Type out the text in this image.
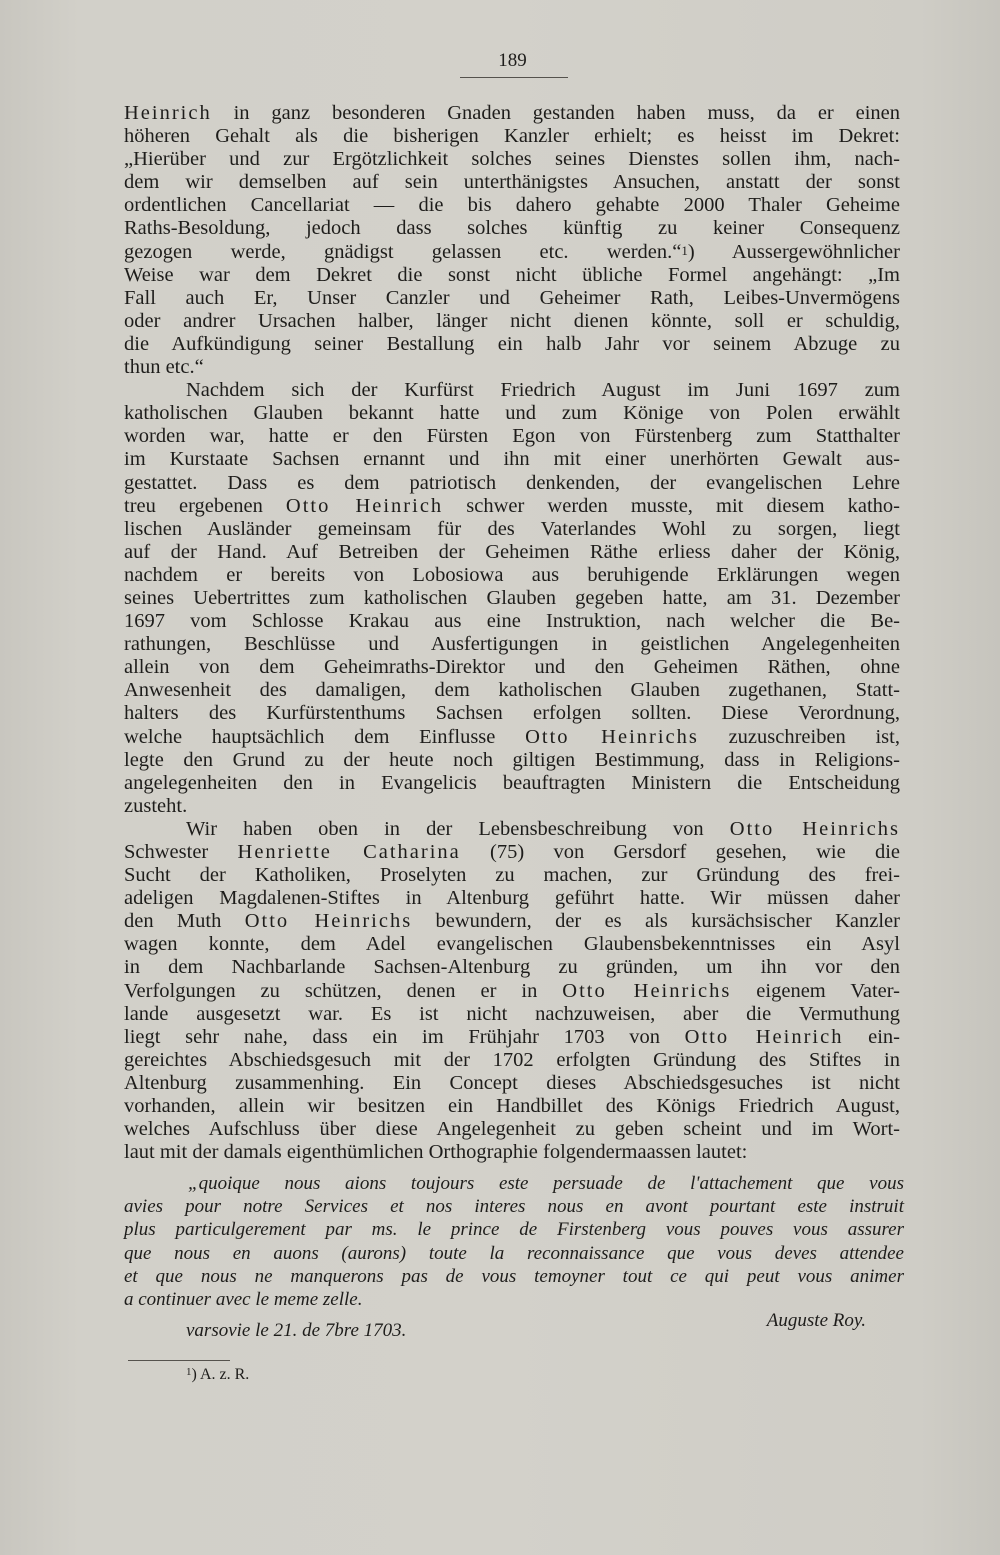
189
Heinrich in ganz besonderen Gnaden gestanden haben muss, da er einen
höheren Gehalt als die bisherigen Kanzler erhielt; es heisst im Dekret:
„Hierüber und zur Ergötzlichkeit solches seines Dienstes sollen ihm, nach-
dem wir demselben auf sein unterthänigstes Ansuchen, anstatt der sonst
ordentlichen Cancellariat — die bis dahero gehabte 2000 Thaler Geheime
Raths-Besoldung, jedoch dass solches künftig zu keiner Consequenz
gezogen werde, gnädigst gelassen etc. werden.“$^1$) Aussergewöhnlicher
Weise war dem Dekret die sonst nicht übliche Formel angehängt: „Im
Fall auch Er, Unser Canzler und Geheimer Rath, Leibes-Unvermögens
oder andrer Ursachen halber, länger nicht dienen könnte, soll er schuldig,
die Aufkündigung seiner Bestallung ein halb Jahr vor seinem Abzuge zu
thun etc.“
Nachdem sich der Kurfürst Friedrich August im Juni 1697 zum
katholischen Glauben bekannt hatte und zum Könige von Polen erwählt
worden war, hatte er den Fürsten Egon von Fürstenberg zum Statthalter
im Kurstaate Sachsen ernannt und ihn mit einer unerhörten Gewalt aus-
gestattet. Dass es dem patriotisch denkenden, der evangelischen Lehre
treu ergebenen Otto Heinrich schwer werden musste, mit diesem katho-
lischen Ausländer gemeinsam für des Vaterlandes Wohl zu sorgen, liegt
auf der Hand. Auf Betreiben der Geheimen Räthe erliess daher der König,
nachdem er bereits von Lobosiowa aus beruhigende Erklärungen wegen
seines Uebertrittes zum katholischen Glauben gegeben hatte, am 31. Dezember
1697 vom Schlosse Krakau aus eine Instruktion, nach welcher die Be-
rathungen, Beschlüsse und Ausfertigungen in geistlichen Angelegenheiten
allein von dem Geheimraths-Direktor und den Geheimen Räthen, ohne
Anwesenheit des damaligen, dem katholischen Glauben zugethanen, Statt-
halters des Kurfürstenthums Sachsen erfolgen sollten. Diese Verordnung,
welche hauptsächlich dem Einflusse Otto Heinrichs zuzuschreiben ist,
legte den Grund zu der heute noch giltigen Bestimmung, dass in Religions-
angelegenheiten den in Evangelicis beauftragten Ministern die Entscheidung
zusteht.
Wir haben oben in der Lebensbeschreibung von Otto Heinrichs
Schwester Henriette Catharina (75) von Gersdorf gesehen, wie die
Sucht der Katholiken, Proselyten zu machen, zur Gründung des frei-
adeligen Magdalenen-Stiftes in Altenburg geführt hatte. Wir müssen daher
den Muth Otto Heinrichs bewundern, der es als kursächsischer Kanzler
wagen konnte, dem Adel evangelischen Glaubensbekenntnisses ein Asyl
in dem Nachbarlande Sachsen-Altenburg zu gründen, um ihn vor den
Verfolgungen zu schützen, denen er in Otto Heinrichs eigenem Vater-
lande ausgesetzt war. Es ist nicht nachzuweisen, aber die Vermuthung
liegt sehr nahe, dass ein im Frühjahr 1703 von Otto Heinrich ein-
gereichtes Abschiedsgesuch mit der 1702 erfolgten Gründung des Stiftes in
Altenburg zusammenhing. Ein Concept dieses Abschiedsgesuches ist nicht
vorhanden, allein wir besitzen ein Handbillet des Königs Friedrich August,
welches Aufschluss über diese Angelegenheit zu geben scheint und im Wort-
laut mit der damals eigenthümlichen Orthographie folgendermaassen lautet:
„quoique nous aions toujours este persuade de l'attachement que vous
avies pour notre Services et nos interes nous en avont pourtant este instruit
plus particulgerement par ms. le prince de Firstenberg vous pouves vous assurer
que nous en auons (aurons) toute la reconnaissance que vous deves attendee
et que nous ne manquerons pas de vous temoyner tout ce qui peut vous animer
a continuer avec le meme zelle.
varsovie le 21. de 7bre 1703.	Auguste Roy.
$^1$) A. z. R.
